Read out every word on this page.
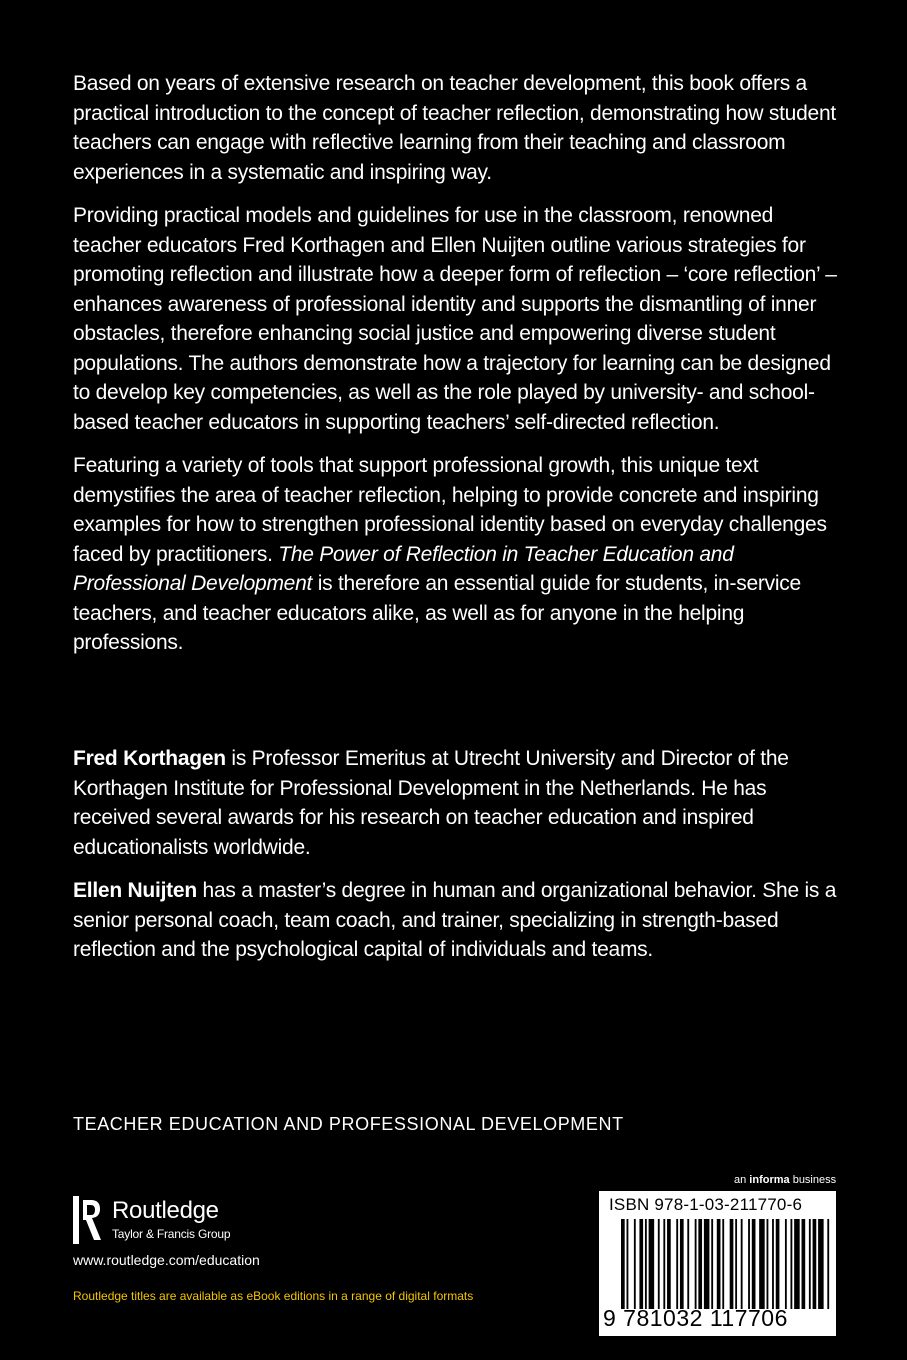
Based on years of extensive research on teacher development, this book offers a practical introduction to the concept of teacher reflection, demonstrating how student teachers can engage with reflective learning from their teaching and classroom experiences in a systematic and inspiring way.

Providing practical models and guidelines for use in the classroom, renowned teacher educators Fred Korthagen and Ellen Nuijten outline various strategies for promoting reflection and illustrate how a deeper form of reflection – ‘core reflection’ – enhances awareness of professional identity and supports the dismantling of inner obstacles, therefore enhancing social justice and empowering diverse student populations. The authors demonstrate how a trajectory for learning can be designed to develop key competencies, as well as the role played by university- and school-based teacher educators in supporting teachers’ self-directed reflection.

Featuring a variety of tools that support professional growth, this unique text demystifies the area of teacher reflection, helping to provide concrete and inspiring examples for how to strengthen professional identity based on everyday challenges faced by practitioners. The Power of Reflection in Teacher Education and Professional Development is therefore an essential guide for students, in-service teachers, and teacher educators alike, as well as for anyone in the helping professions.

Fred Korthagen is Professor Emeritus at Utrecht University and Director of the Korthagen Institute for Professional Development in the Netherlands. He has received several awards for his research on teacher education and inspired educationalists worldwide.

Ellen Nuijten has a master’s degree in human and organizational behavior. She is a senior personal coach, team coach, and trainer, specializing in strength-based reflection and the psychological capital of individuals and teams.

TEACHER EDUCATION AND PROFESSIONAL DEVELOPMENT
an informa business
ISBN 978-1-03-211770-6
9 781032 117706
Routledge
Taylor & Francis Group
www.routledge.com/education
Routledge titles are available as eBook editions in a range of digital formats
